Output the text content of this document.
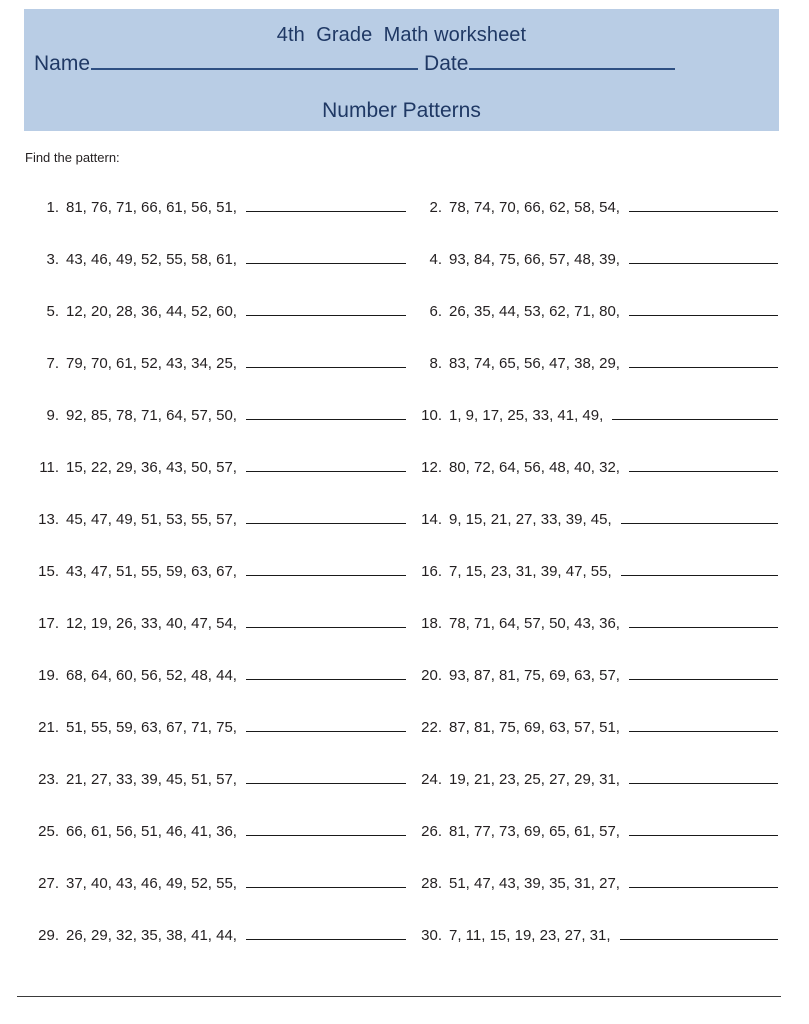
4th  Grade  Math worksheet
Name	Date
Number Patterns
Find the pattern:
1. 81, 76, 71, 66, 61, 56, 51,	2. 78, 74, 70, 66, 62, 58, 54,
3. 43, 46, 49, 52, 55, 58, 61,	4. 93, 84, 75, 66, 57, 48, 39,
5. 12, 20, 28, 36, 44, 52, 60,	6. 26, 35, 44, 53, 62, 71, 80,
7. 79, 70, 61, 52, 43, 34, 25,	8. 83, 74, 65, 56, 47, 38, 29,
9. 92, 85, 78, 71, 64, 57, 50,	10. 1, 9, 17, 25, 33, 41, 49,
11. 15, 22, 29, 36, 43, 50, 57,	12. 80, 72, 64, 56, 48, 40, 32,
13. 45, 47, 49, 51, 53, 55, 57,	14. 9, 15, 21, 27, 33, 39, 45,
15. 43, 47, 51, 55, 59, 63, 67,	16. 7, 15, 23, 31, 39, 47, 55,
17. 12, 19, 26, 33, 40, 47, 54,	18. 78, 71, 64, 57, 50, 43, 36,
19. 68, 64, 60, 56, 52, 48, 44,	20. 93, 87, 81, 75, 69, 63, 57,
21. 51, 55, 59, 63, 67, 71, 75,	22. 87, 81, 75, 69, 63, 57, 51,
23. 21, 27, 33, 39, 45, 51, 57,	24. 19, 21, 23, 25, 27, 29, 31,
25. 66, 61, 56, 51, 46, 41, 36,	26. 81, 77, 73, 69, 65, 61, 57,
27. 37, 40, 43, 46, 49, 52, 55,	28. 51, 47, 43, 39, 35, 31, 27,
29. 26, 29, 32, 35, 38, 41, 44,	30. 7, 11, 15, 19, 23, 27, 31,
